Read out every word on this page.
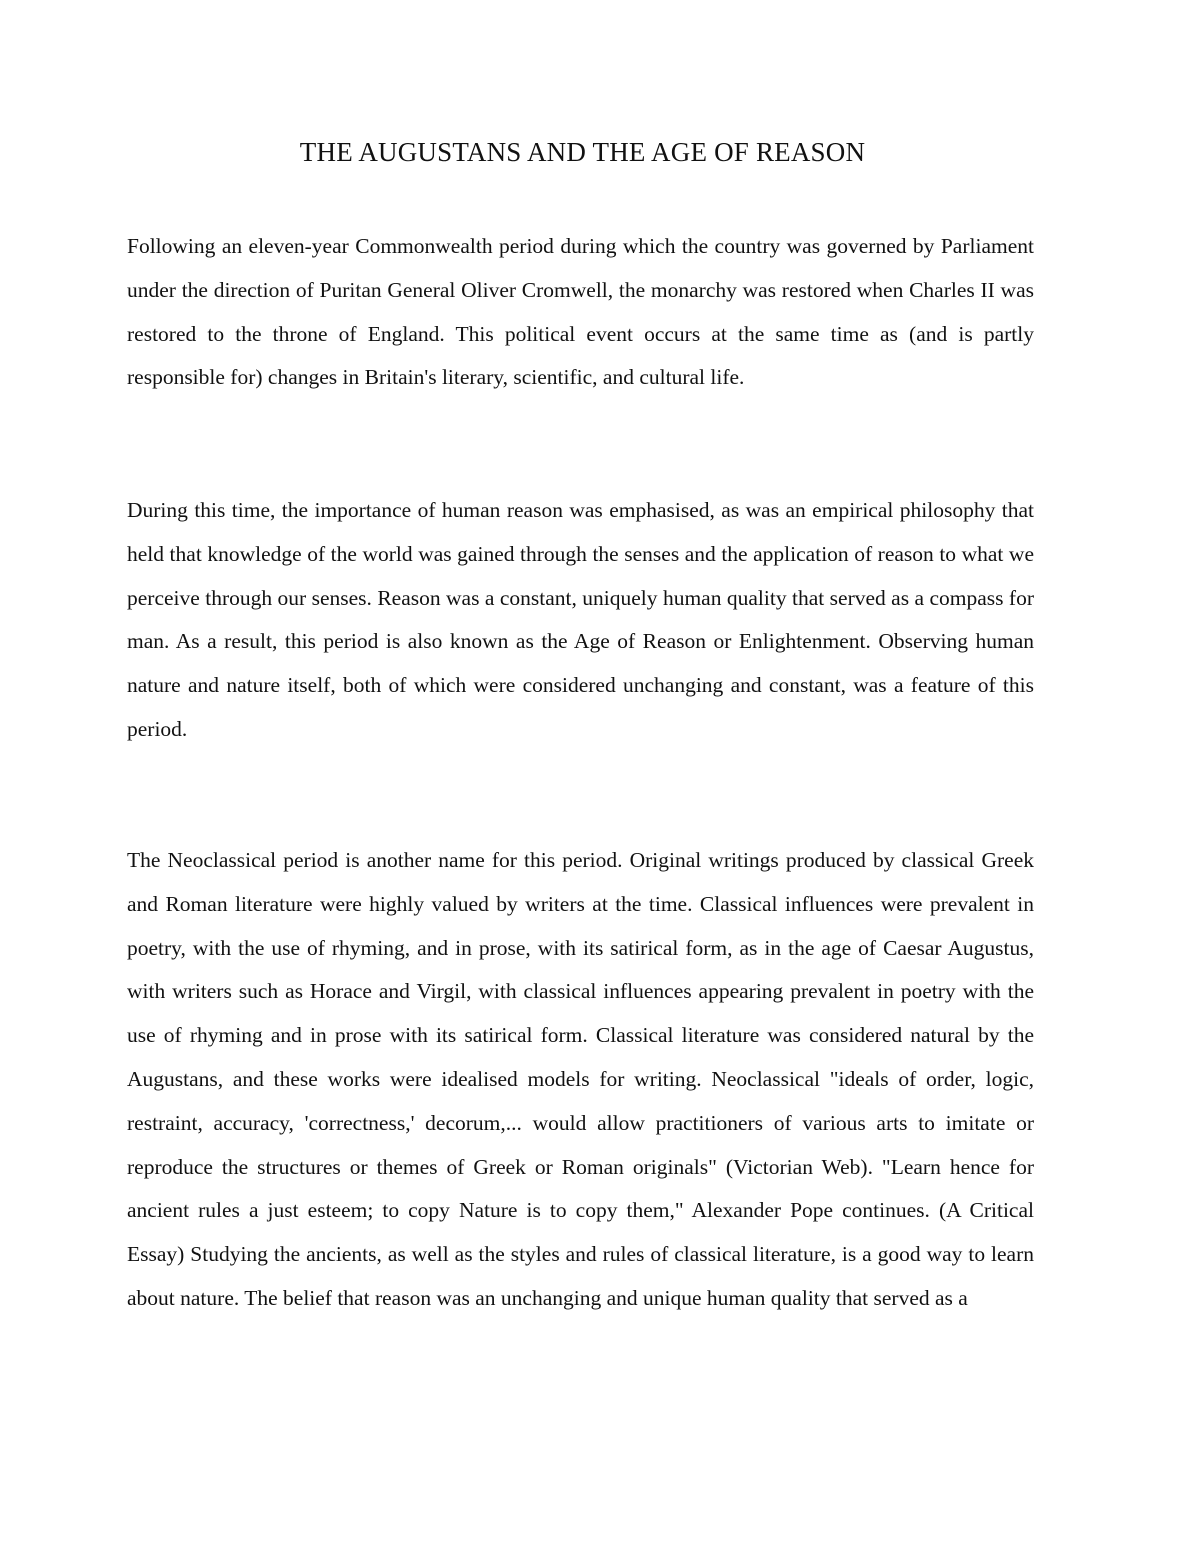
THE AUGUSTANS AND THE AGE OF REASON

Following an eleven-year Commonwealth period during which the country was governed by Parliament under the direction of Puritan General Oliver Cromwell, the monarchy was restored when Charles II was restored to the throne of England. This political event occurs at the same time as (and is partly responsible for) changes in Britain's literary, scientific, and cultural life.

During this time, the importance of human reason was emphasised, as was an empirical philosophy that held that knowledge of the world was gained through the senses and the application of reason to what we perceive through our senses. Reason was a constant, uniquely human quality that served as a compass for man. As a result, this period is also known as the Age of Reason or Enlightenment. Observing human nature and nature itself, both of which were considered unchanging and constant, was a feature of this period.

The Neoclassical period is another name for this period. Original writings produced by classical Greek and Roman literature were highly valued by writers at the time. Classical influences were prevalent in poetry, with the use of rhyming, and in prose, with its satirical form, as in the age of Caesar Augustus, with writers such as Horace and Virgil, with classical influences appearing prevalent in poetry with the use of rhyming and in prose with its satirical form. Classical literature was considered natural by the Augustans, and these works were idealised models for writing. Neoclassical "ideals of order, logic, restraint, accuracy, 'correctness,' decorum,... would allow practitioners of various arts to imitate or reproduce the structures or themes of Greek or Roman originals" (Victorian Web). "Learn hence for ancient rules a just esteem; to copy Nature is to copy them," Alexander Pope continues. (A Critical Essay) Studying the ancients, as well as the styles and rules of classical literature, is a good way to learn about nature. The belief that reason was an unchanging and unique human quality that served as a
